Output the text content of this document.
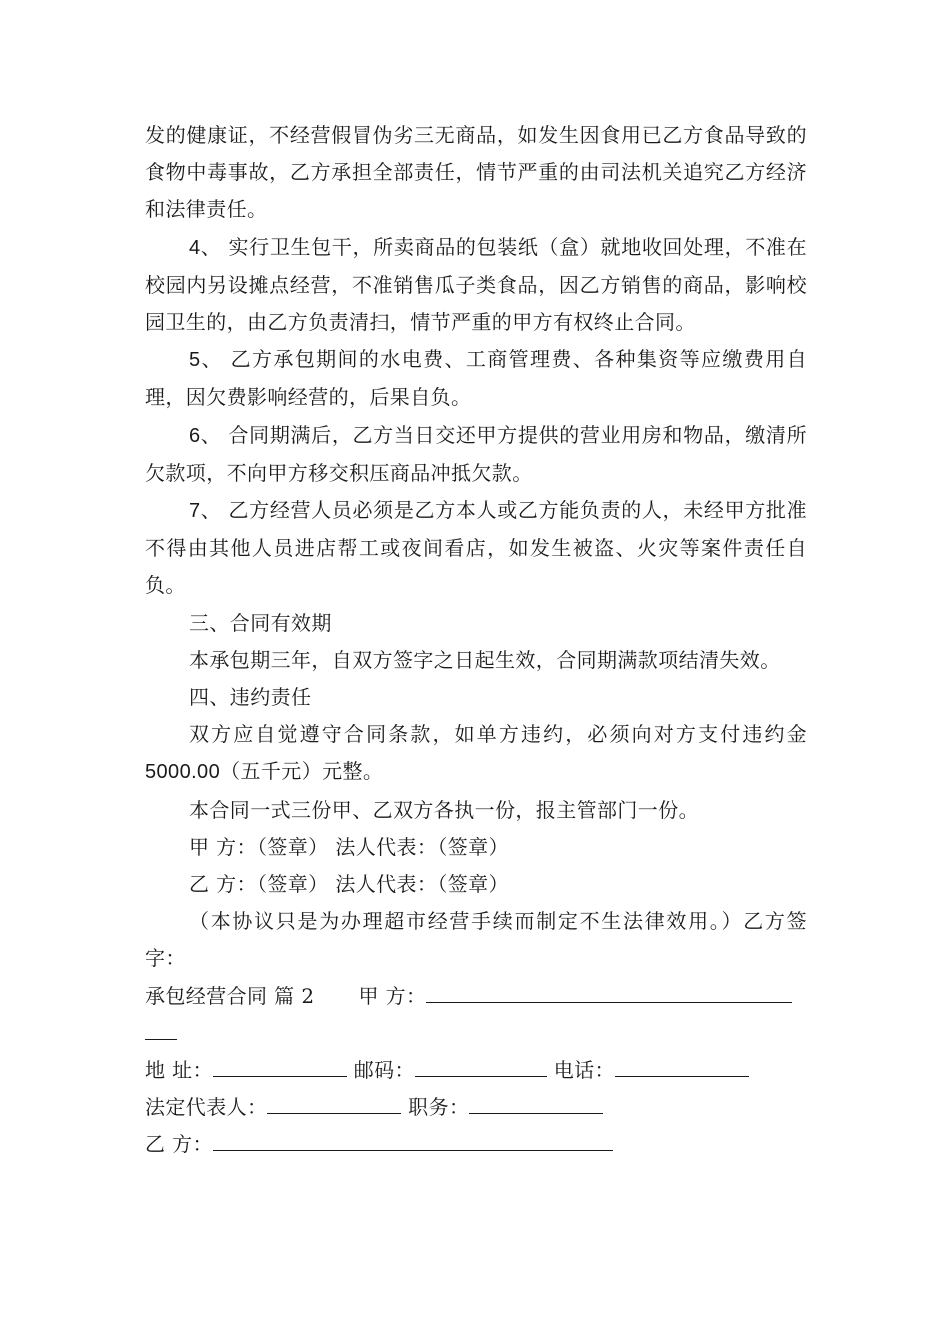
发的健康证，不经营假冒伪劣三无商品，如发生因食用已乙方食品导致的食物中毒事故，乙方承担全部责任，情节严重的由司法机关追究乙方经济和法律责任。

4、 实行卫生包干，所卖商品的包装纸（盒）就地收回处理，不准在校园内另设摊点经营，不准销售瓜子类食品，因乙方销售的商品，影响校园卫生的，由乙方负责清扫，情节严重的甲方有权终止合同。

5、 乙方承包期间的水电费、工商管理费、各种集资等应缴费用自理，因欠费影响经营的，后果自负。

6、 合同期满后，乙方当日交还甲方提供的营业用房和物品，缴清所欠款项，不向甲方移交积压商品冲抵欠款。

7、 乙方经营人员必须是乙方本人或乙方能负责的人，未经甲方批准不得由其他人员进店帮工或夜间看店，如发生被盗、火灾等案件责任自负。

三、合同有效期

本承包期三年，自双方签字之日起生效，合同期满款项结清失效。

四、违约责任

双方应自觉遵守合同条款，如单方违约，必须向对方支付违约金 5000.00（五千元）元整。

本合同一式三份甲、乙双方各执一份，报主管部门一份。

甲 方：（签章） 法人代表：（签章）

乙 方：（签章） 法人代表：（签章）

（本协议只是为办理超市经营手续而制定不生法律效用。）乙方签字：

承包经营合同 篇 2 甲 方：

地 址：	邮码：	电话：

法定代表人：	职务：

乙 方：
